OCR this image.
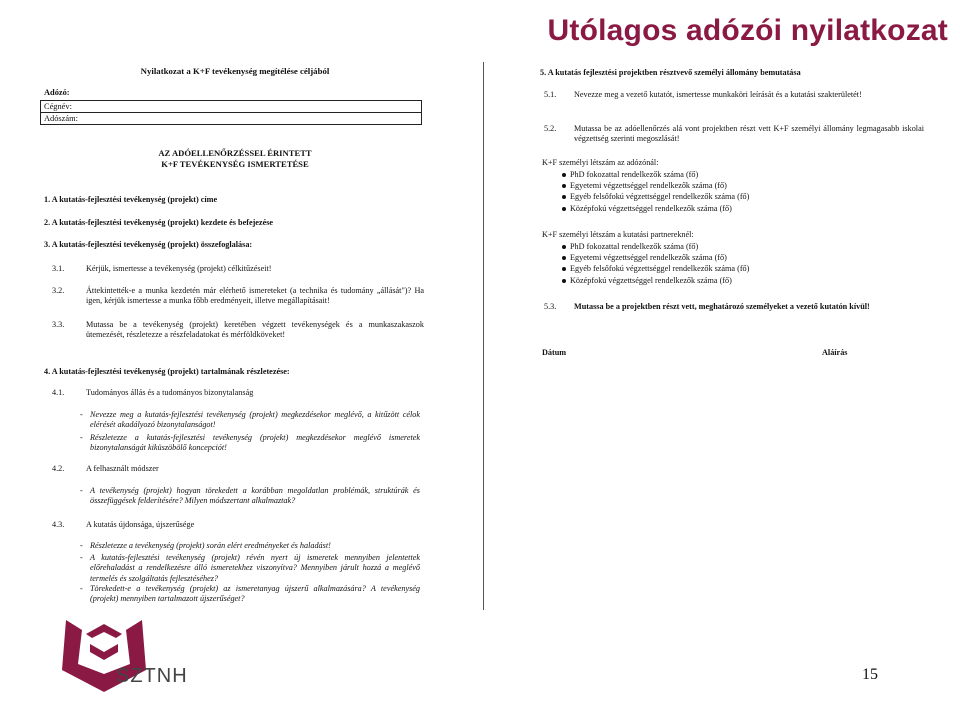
Utólagos adózói nyilatkozat
Nyilatkozat a K+F tevékenység megítélése céljából
Adózó:
Cégnév:
Adószám:
AZ ADÓELLENŐRZÉSSEL ÉRINTETT
K+F TEVÉKENYSÉG ISMERTETÉSE
1. A kutatás-fejlesztési tevékenység (projekt) címe
2. A kutatás-fejlesztési tevékenység (projekt) kezdete és befejezése
3. A kutatás-fejlesztési tevékenység (projekt) összefoglalása:
3.1.	Kérjük, ismertesse a tevékenység (projekt) célkitűzéseit!
3.2.	Áttekintették-e a munka kezdetén már elérhető ismereteket (a technika és tudomány „állását")? Ha igen, kérjük ismertesse a munka főbb eredményeit, illetve megállapításait!
3.3.	Mutassa be a tevékenység (projekt) keretében végzett tevékenységek és a munkaszakaszok ütemezését, részletezze a részfeladatokat és mérföldköveket!
4. A kutatás-fejlesztési tevékenység (projekt) tartalmának részletezése:
4.1.	Tudományos állás és a tudományos bizonytalanság
- Nevezze meg a kutatás-fejlesztési tevékenység (projekt) megkezdésekor meglévő, a kitűzött célok elérését akadályozó bizonytalanságot!
- Részletezze a kutatás-fejlesztési tevékenység (projekt) megkezdésekor meglévő ismeretek bizonytalanságát kiküszöbölő koncepciót!
4.2.	A felhasznált módszer
- A tevékenység (projekt) hogyan törekedett a korábban megoldatlan problémák, struktúrák és összefüggések felderítésére? Milyen módszertant alkalmaztak?
4.3.	A kutatás újdonsága, újszerűsége
- Részletezze a tevékenység (projekt) során elért eredményeket és haladást!
- A kutatás-fejlesztési tevékenység (projekt) révén nyert új ismeretek mennyiben jelentettek előrehaladást a rendelkezésre álló ismeretekhez viszonyítva? Mennyiben járult hozzá a meglévő termelés és szolgáltatás fejlesztéséhez?
- Törekedett-e a tevékenység (projekt) az ismeretanyag újszerű alkalmazására? A tevékenység (projekt) mennyiben tartalmazott újszerűséget?
5. A kutatás fejlesztési projektben résztvevő személyi állomány bemutatása
5.1. Nevezze meg a vezető kutatót, ismertesse munkaköri leírását és a kutatási szakterületét!
5.2. Mutassa be az adóellenőrzés alá vont projektben részt vett K+F személyi állomány legmagasabb iskolai végzettség szerinti megoszlását!
K+F személyi létszám az adózónál:
PhD fokozattal rendelkezők száma (fő)
Egyetemi végzettséggel rendelkezők száma (fő)
Egyéb felsőfokú végzettséggel rendelkezők száma (fő)
Középfokú végzettséggel rendelkezők száma (fő)
K+F személyi létszám a kutatási partnereknél:
PhD fokozattal rendelkezők száma (fő)
Egyetemi végzettséggel rendelkezők száma (fő)
Egyéb felsőfokú végzettséggel rendelkezők száma (fő)
Középfokú végzettséggel rendelkezők száma (fő)
5.3. Mutassa be a projektben részt vett, meghatározó személyeket a vezető kutatón kívül!
Dátum	Aláírás
SZTNH	15
